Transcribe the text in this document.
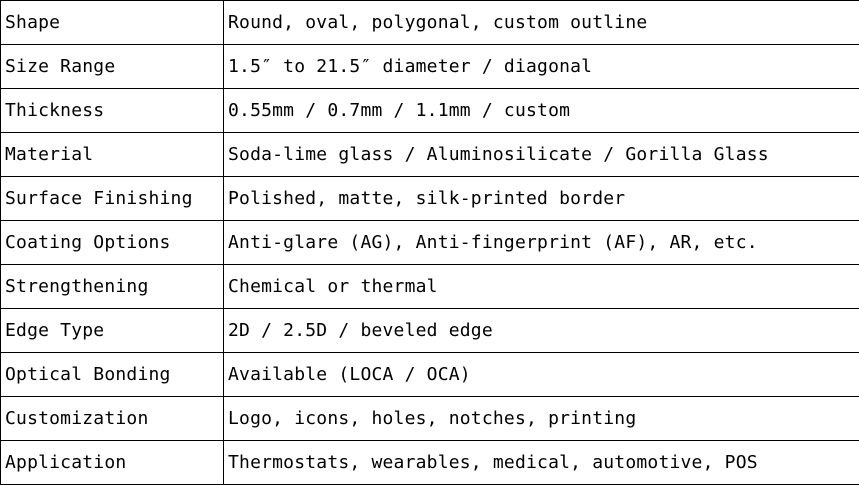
Shape	Round, oval, polygonal, custom outline
Size Range	1.5″ to 21.5″ diameter / diagonal
Thickness	0.55mm / 0.7mm / 1.1mm / custom
Material	Soda-lime glass / Aluminosilicate / Gorilla Glass
Surface Finishing	Polished, matte, silk-printed border
Coating Options	Anti-glare (AG), Anti-fingerprint (AF), AR, etc.
Strengthening	Chemical or thermal
Edge Type	2D / 2.5D / beveled edge
Optical Bonding	Available (LOCA / OCA)
Customization	Logo, icons, holes, notches, printing
Application	Thermostats, wearables, medical, automotive, POS
